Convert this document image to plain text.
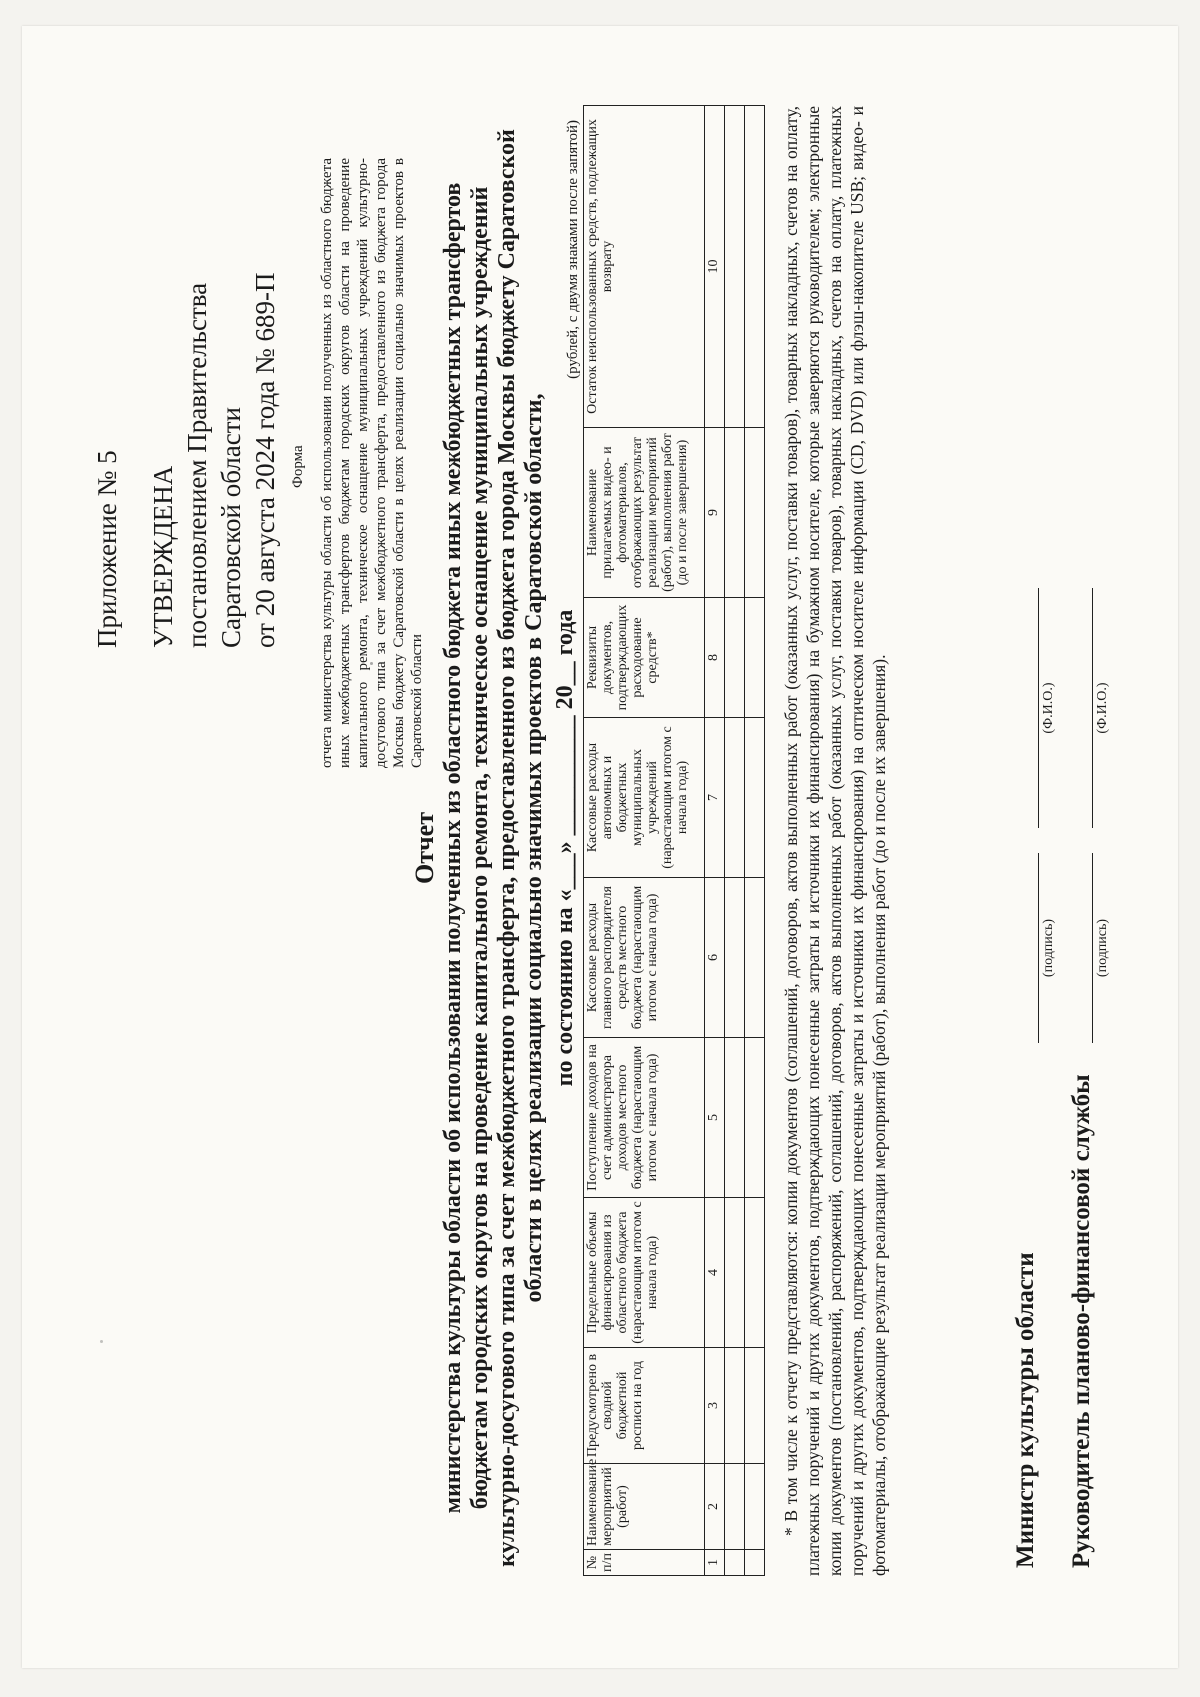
Приложение № 5 УТВЕРЖДЕНА постановлением Правительства Саратовской области от 20 августа 2024 года № 689-П Форма отчета министерства культуры области об использовании полученных из областного бюджета иных межбюджетных трансфертов бюджетам городских округов области на проведение капитального ремонта, техническое оснащение муниципальных учреждений культурно-досугового типа за счет межбюджетного трансферта, предоставленного из бюджета города Москвы бюджету Саратовской области в целях реализации социально значимых проектов в Саратовской области
Отчет министерства культуры области об использовании полученных из областного бюджета иных межбюджетных трансфертов бюджетам городских округов на проведение капитального ремонта, техническое оснащение муниципальных учреждений культурно-досугового типа за счет межбюджетного трансферта, предоставленного из бюджета города Москвы бюджету Саратовской области в целях реализации социально значимых проектов в Саратовской области, по состоянию на «___» __________ 20__ года
(рублей, с двумя знаками после запятой)
№ п/п	Наименование мероприятий (работ)	Предусмотрено в сводной бюджетной росписи на год	Предельные объемы финансирования из областного бюджета (нарастающим итогом с начала года)	Поступление доходов на счет администратора доходов местного бюджета (нарастающим итогом с начала года)	Кассовые расходы главного распорядителя средств местного бюджета (нарастающим итогом с начала года)	Кассовые расходы автономных и бюджетных муниципальных учреждений (нарастающим итогом с начала года)	Реквизиты документов, подтверждающих расходование средств*	Наименование прилагаемых видео- и фотоматериалов, отображающих результат реализации мероприятий (работ), выполнения работ (до и после завершения)	Остаток неиспользованных средств, подлежащих возврату
1	2	3	4	5	6	7	8	9	10

										* В том числе к отчету представляются: копии документов (соглашений, договоров, актов выполненных работ (оказанных услуг, поставки товаров), товарных накладных, счетов на оплату, платежных поручений и других документов, подтверждающих понесенные затраты и источники их финансирования) на бумажном носителе, которые заверяются руководителем; электронные копии документов (постановлений, распоряжений, соглашений, договоров, актов выполненных работ (оказанных услуг, поставки товаров), товарных накладных, счетов на оплату, платежных поручений и других документов, подтверждающих понесенные затраты и источники их финансирования) на оптическом носителе информации (CD, DVD) или флэш-накопителе USB; видео- и фотоматериалы, отображающие результат реализации мероприятий (работ), выполнения работ (до и после их завершения).	Министр культуры области Руководитель планово-финансовой службы
(подпись)
(Ф.И.О.)
(подпись)
(Ф.И.О.)
